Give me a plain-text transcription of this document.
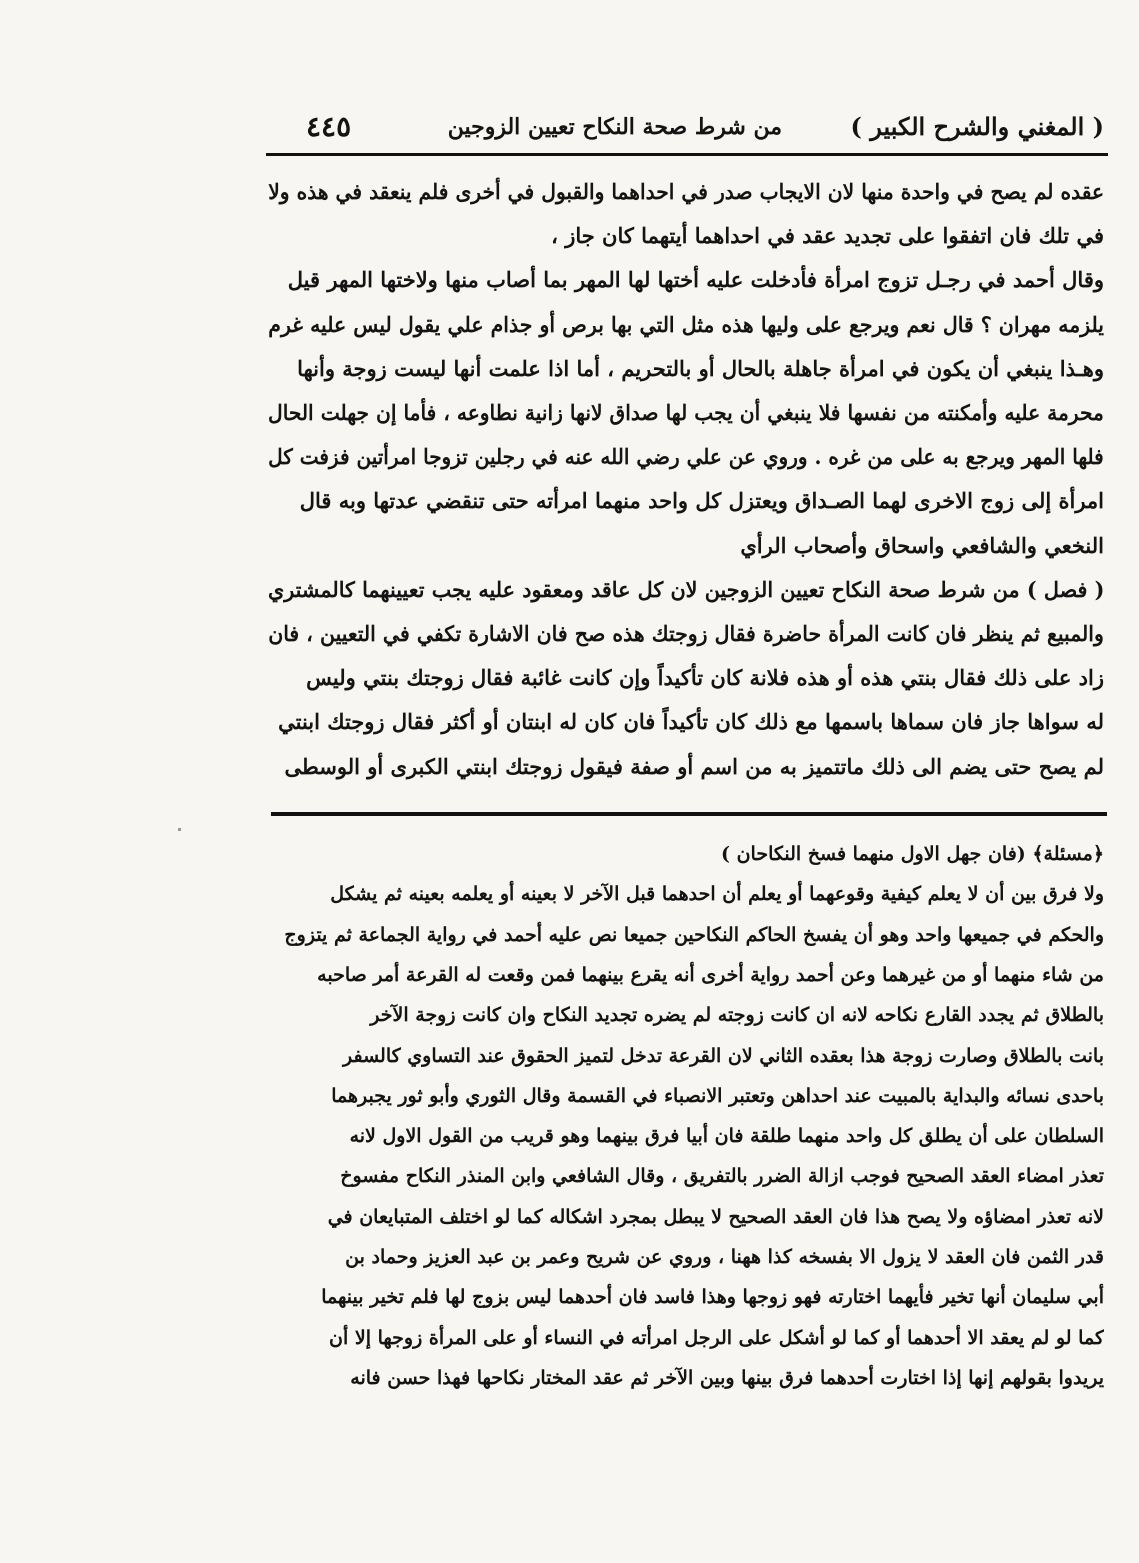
( المغني والشرح الكبير )
من شرط صحة النكاح تعيين الزوجين
٤٤٥
عقده لم يصح في واحدة منها لان الايجاب صدر في احداهما والقبول في أخرى فلم ينعقد في هذه ولا
في تلك فان اتفقوا على تجديد عقد في احداهما أيتهما كان جاز ،
وقال أحمد في رجـل تزوج امرأة فأدخلت عليه أختها لها المهر بما أصاب منها ولاختها المهر قيل
يلزمه مهران ؟ قال نعم ويرجع على وليها هذه مثل التي بها برص أو جذام علي يقول ليس عليه غرم
وهـذا ينبغي أن يكون في امرأة جاهلة بالحال أو بالتحريم ، أما اذا علمت أنها ليست زوجة وأنها
محرمة عليه وأمكنته من نفسها فلا ينبغي أن يجب لها صداق لانها زانية نطاوعه ، فأما إن جهلت الحال
فلها المهر ويرجع به على من غره . وروي عن علي رضي الله عنه في رجلين تزوجا امرأتين فزفت كل
امرأة إلى زوج الاخرى لهما الصـداق ويعتزل كل واحد منهما امرأته حتى تنقضي عدتها وبه قال
النخعي والشافعي واسحاق وأصحاب الرأي
( فصل ) من شرط صحة النكاح تعيين الزوجين لان كل عاقد ومعقود عليه يجب تعيينهما كالمشتري
والمبيع ثم ينظر فان كانت المرأة حاضرة فقال زوجتك هذه صح فان الاشارة تكفي في التعيين ، فان
زاد على ذلك فقال بنتي هذه أو هذه فلانة كان تأكيداً وإن كانت غائبة فقال زوجتك بنتي وليس
له سواها جاز فان سماها باسمها مع ذلك كان تأكيداً فان كان له ابنتان أو أكثر فقال زوجتك ابنتي
لم يصح حتى يضم الى ذلك ماتتميز به من اسم أو صفة فيقول زوجتك ابنتي الكبرى أو الوسطى
﴿مسئلة﴾ (فان جهل الاول منهما فسخ النكاحان )
ولا فرق بين أن لا يعلم كيفية وقوعهما أو يعلم أن احدهما قبل الآخر لا بعينه أو يعلمه بعينه ثم يشكل
والحكم في جميعها واحد وهو أن يفسخ الحاكم النكاحين جميعا نص عليه أحمد في رواية الجماعة ثم يتزوج
من شاء منهما أو من غيرهما وعن أحمد رواية أخرى أنه يقرع بينهما فمن وقعت له القرعة أمر صاحبه
بالطلاق ثم يجدد القارع نكاحه لانه ان كانت زوجته لم يضره تجديد النكاح وان كانت زوجة الآخر
بانت بالطلاق وصارت زوجة هذا بعقده الثاني لان القرعة تدخل لتميز الحقوق عند التساوي كالسفر
باحدى نسائه والبداية بالمبيت عند احداهن وتعتبر الانصباء في القسمة وقال الثوري وأبو ثور يجبرهما
السلطان على أن يطلق كل واحد منهما طلقة فان أبيا فرق بينهما وهو قريب من القول الاول لانه
تعذر امضاء العقد الصحيح فوجب ازالة الضرر بالتفريق ، وقال الشافعي وابن المنذر النكاح مفسوخ
لانه تعذر امضاؤه ولا يصح هذا فان العقد الصحيح لا يبطل بمجرد اشكاله كما لو اختلف المتبايعان في
قدر الثمن فان العقد لا يزول الا بفسخه كذا ههنا ، وروي عن شريح وعمر بن عبد العزيز وحماد بن
أبي سليمان أنها تخير فأيهما اختارته فهو زوجها وهذا فاسد فان أحدهما ليس بزوج لها فلم تخير بينهما
كما لو لم يعقد الا أحدهما أو كما لو أشكل على الرجل امرأته في النساء أو على المرأة زوجها إلا أن
يريدوا بقولهم إنها إذا اختارت أحدهما فرق بينها وبين الآخر ثم عقد المختار نكاحها فهذا حسن فانه
